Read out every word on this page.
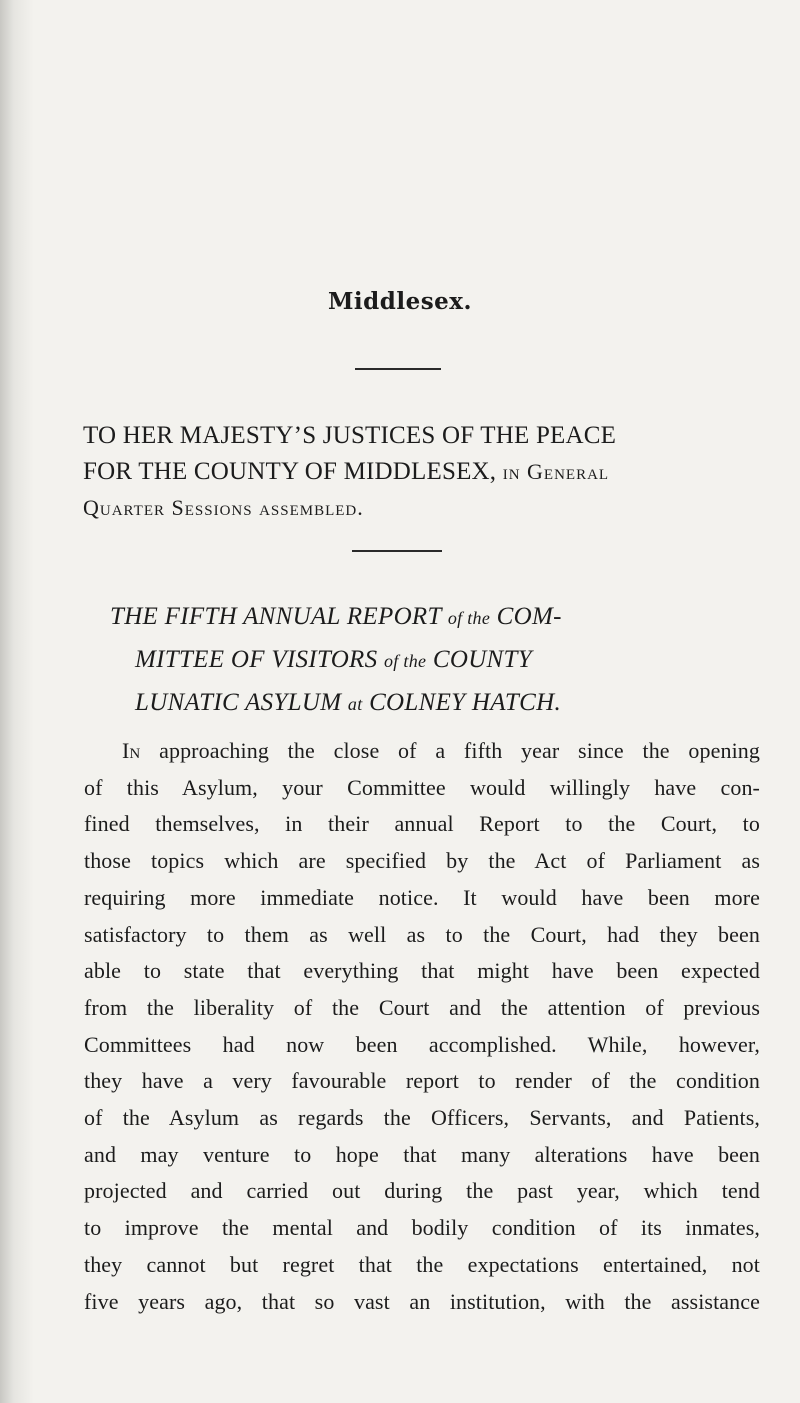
Middlesex.
TO HER MAJESTY’S JUSTICES OF THE PEACE
FOR THE COUNTY OF MIDDLESEX, in General
Quarter Sessions assembled.
THE FIFTH ANNUAL REPORT of the COM-
MITTEE OF VISITORS of the COUNTY
LUNATIC ASYLUM at COLNEY HATCH.
In approaching the close of a fifth year since the opening
of this Asylum, your Committee would willingly have con-
fined themselves, in their annual Report to the Court, to
those topics which are specified by the Act of Parliament as
requiring more immediate notice. It would have been more
satisfactory to them as well as to the Court, had they been
able to state that everything that might have been expected
from the liberality of the Court and the attention of previous
Committees had now been accomplished. While, however,
they have a very favourable report to render of the condition
of the Asylum as regards the Officers, Servants, and Patients,
and may venture to hope that many alterations have been
projected and carried out during the past year, which tend
to improve the mental and bodily condition of its inmates,
they cannot but regret that the expectations entertained, not
five years ago, that so vast an institution, with the assistance
